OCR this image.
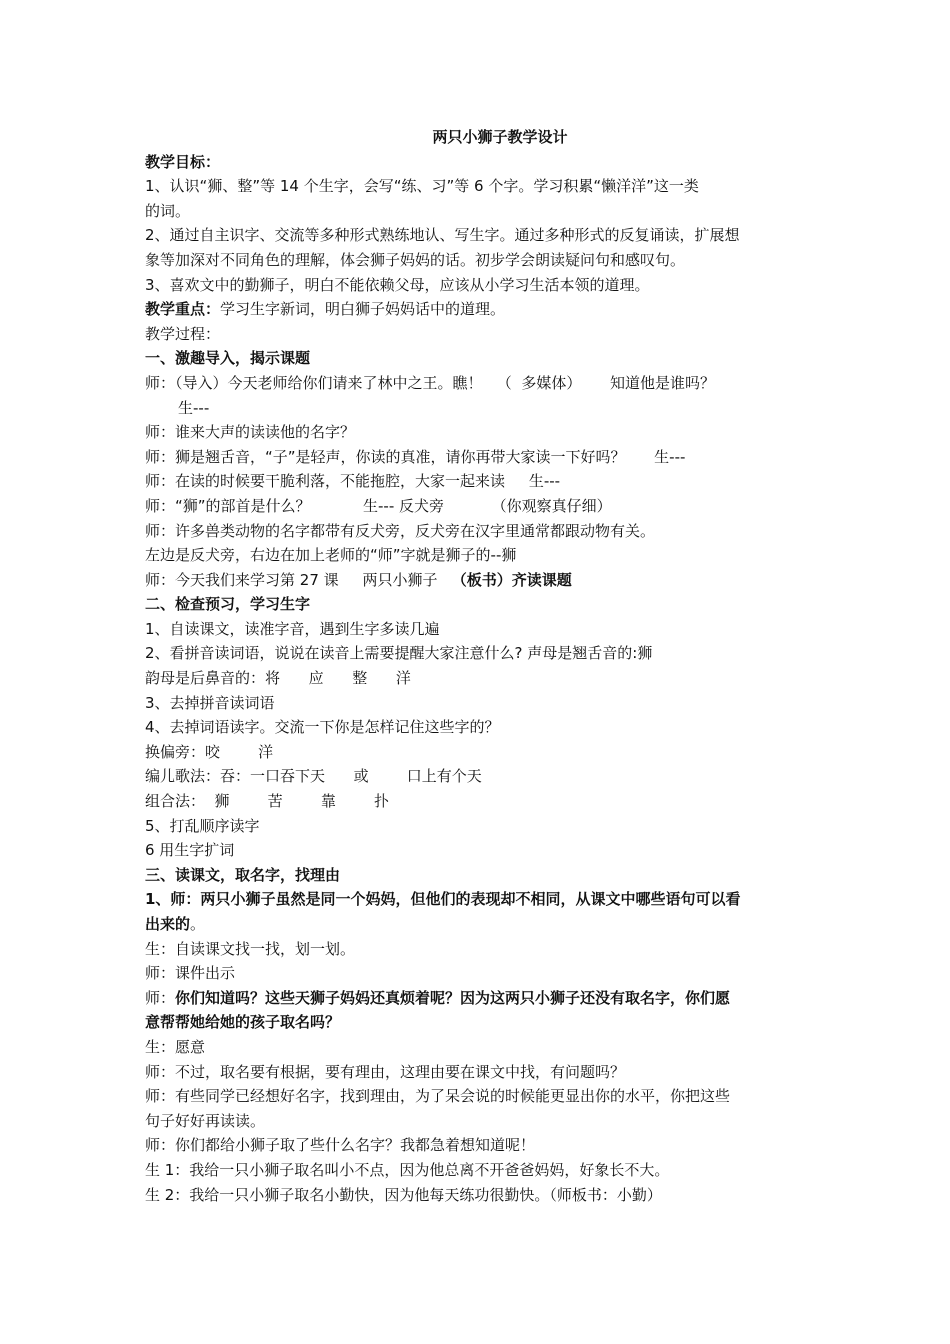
两只小狮子教学设计
教学目标：
1、认识“狮、整”等 14 个生字，会写“练、习”等 6 个字。学习积累“懒洋洋”这一类
的词。
2、通过自主识字、交流等多种形式熟练地认、写生字。通过多种形式的反复诵读，扩展想
象等加深对不同角色的理解，体会狮子妈妈的话。初步学会朗读疑问句和感叹句。
3、喜欢文中的勤狮子，明白不能依赖父母，应该从小学习生活本领的道理。
教学重点：学习生字新词，明白狮子妈妈话中的道理。
教学过程：
一、激趣导入，揭示课题
师：（导入）今天老师给你们请来了林中之王。瞧！   （  多媒体）      知道他是谁吗？
生---
师：谁来大声的读读他的名字？
师：狮是翘舌音，“子”是轻声，你读的真准，请你再带大家读一下好吗？      生---
师：在读的时候要干脆利落，不能拖腔，大家一起来读     生---
师：“狮”的部首是什么？           生--- 反犬旁          （你观察真仔细）
师：许多兽类动物的名字都带有反犬旁，反犬旁在汉字里通常都跟动物有关。
左边是反犬旁，右边在加上老师的“师”字就是狮子的--狮
师：今天我们来学习第 27 课     两只小狮子   （板书）齐读课题
二、检查预习，学习生字
1、自读课文，读准字音，遇到生字多读几遍
2、看拼音读词语，说说在读音上需要提醒大家注意什么? 声母是翘舌音的:狮
韵母是后鼻音的：将      应      整      洋
3、去掉拼音读词语
4、去掉词语读字。交流一下你是怎样记住这些字的？
换偏旁：咬        洋
编儿歌法：吞：一口吞下天      或        口上有个天
组合法：  狮        苦        靠        扑
5、打乱顺序读字
6 用生字扩词
三、读课文，取名字，找理由
1、师：两只小狮子虽然是同一个妈妈，但他们的表现却不相同，从课文中哪些语句可以看
出来的。
生：自读课文找一找，划一划。
师：课件出示
师：你们知道吗？这些天狮子妈妈还真烦着呢？因为这两只小狮子还没有取名字，你们愿
意帮帮她给她的孩子取名吗？
生：愿意
师：不过，取名要有根据，要有理由，这理由要在课文中找，有问题吗？
师：有些同学已经想好名字，找到理由，为了呆会说的时候能更显出你的水平，你把这些
句子好好再读读。
师：你们都给小狮子取了些什么名字？我都急着想知道呢！
生 1：我给一只小狮子取名叫小不点，因为他总离不开爸爸妈妈，好象长不大。
生 2：我给一只小狮子取名小勤快，因为他每天练功很勤快。（师板书：小勤）
